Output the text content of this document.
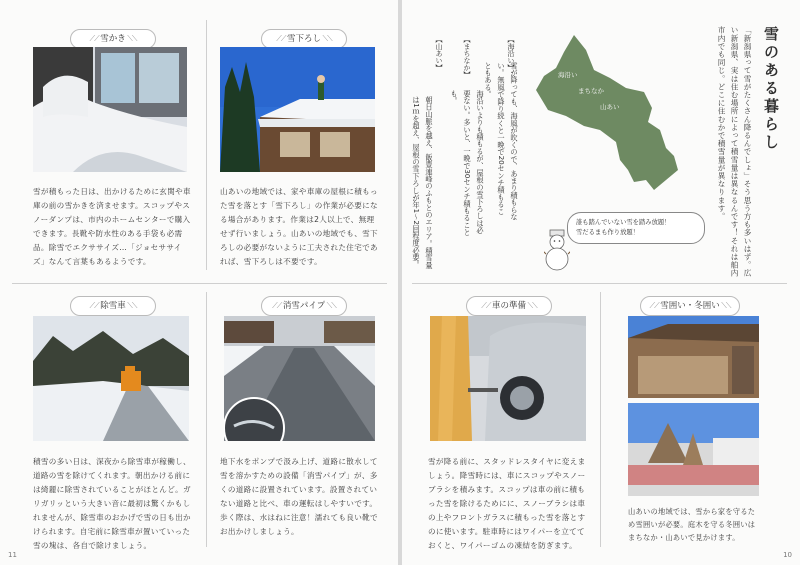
⟋⟋ 雪かき ⟍⟍
雪が積もった日は、出かけるために玄関や車庫の前の雪かきを済ませます。スコップやスノーダンプは、市内のホームセンターで購入できます。長靴や防水性のある手袋も必需品。除雪でエクササイズ…「ジョセササイズ」なんて言葉もあるようです。
⟋⟋ 雪下ろし ⟍⟍
山あいの地域では、家や車庫の屋根に積もった雪を落とす「雪下ろし」の作業が必要になる場合があります。作業は2人以上で、無理せず行いましょう。山あいの地域でも、雪下ろしの必要がないように工夫された住宅であれば、雪下ろしは不要です。
⟋⟋ 除雪車 ⟍⟍
積雪の多い日は、深夜から除雪車が稼働し、道路の雪を除けてくれます。朝出かける前には綺麗に除雪されていることがほとんど。ガリガリッという大きい音に最初は驚くかもしれませんが、除雪車のおかげで雪の日も出かけられます。自宅前に除雪車が置いていった雪の塊は、各自で除けましょう。
⟋⟋ 消雪パイプ ⟍⟍
地下水をポンプで汲み上げ、道路に散水して雪を溶かすための設備「消雪パイプ」が、多くの道路に設置されています。設置されていない道路と比べ、車の運転はしやすいです。歩く際は、水はねに注意！濡れても良い靴でお出かけしましょう。
11
雪のある暮らし
「新潟県って雪がたくさん降るんでしょ」そう思う方も多いはず。広い新潟県、実は住む場所によって積雪量は異なるんです！それは舶内市内でも同じ。どこに住むかで積雪量が異なります。
海沿い
まちなか
山あい
【海沿い】
雪が降っても、海風が吹くので、あまり積もらない。無風で降り続くと一晩で20センチ積もることもある。
【まちなか】
海沿いよりも積もるが、屋根の雪下ろしは必要ない。多いと、一晩で30センチ積もることも。
【山あい】
朝日山脈を越え、飯豊連峰のふもとのエリア。積雪量は1ｍを超え、屋根の雪下ろしが年1～2回程度必要。	誰も踏んでいない雪を踏み放題！
雪だるまも作り放題！
⟋⟋ 車の準備 ⟍⟍
雪が降る前に、スタッドレスタイヤに変えましょう。降雪時には、車にスコップやスノーブラシを積みます。スコップは車の前に積もった雪を除けるためにに、スノーブラシは車の上やフロントガラスに積もった雪を落とすのに使います。駐車時にはワイパーを立てておくと、ワイパーゴムの凍結を防ぎます。
⟋⟋ 雪囲い・冬囲い ⟍⟍
山あいの地域では、雪から家を守るため雪囲いが必要。庭木を守る冬囲いはまちなか・山あいで見かけます。
10
